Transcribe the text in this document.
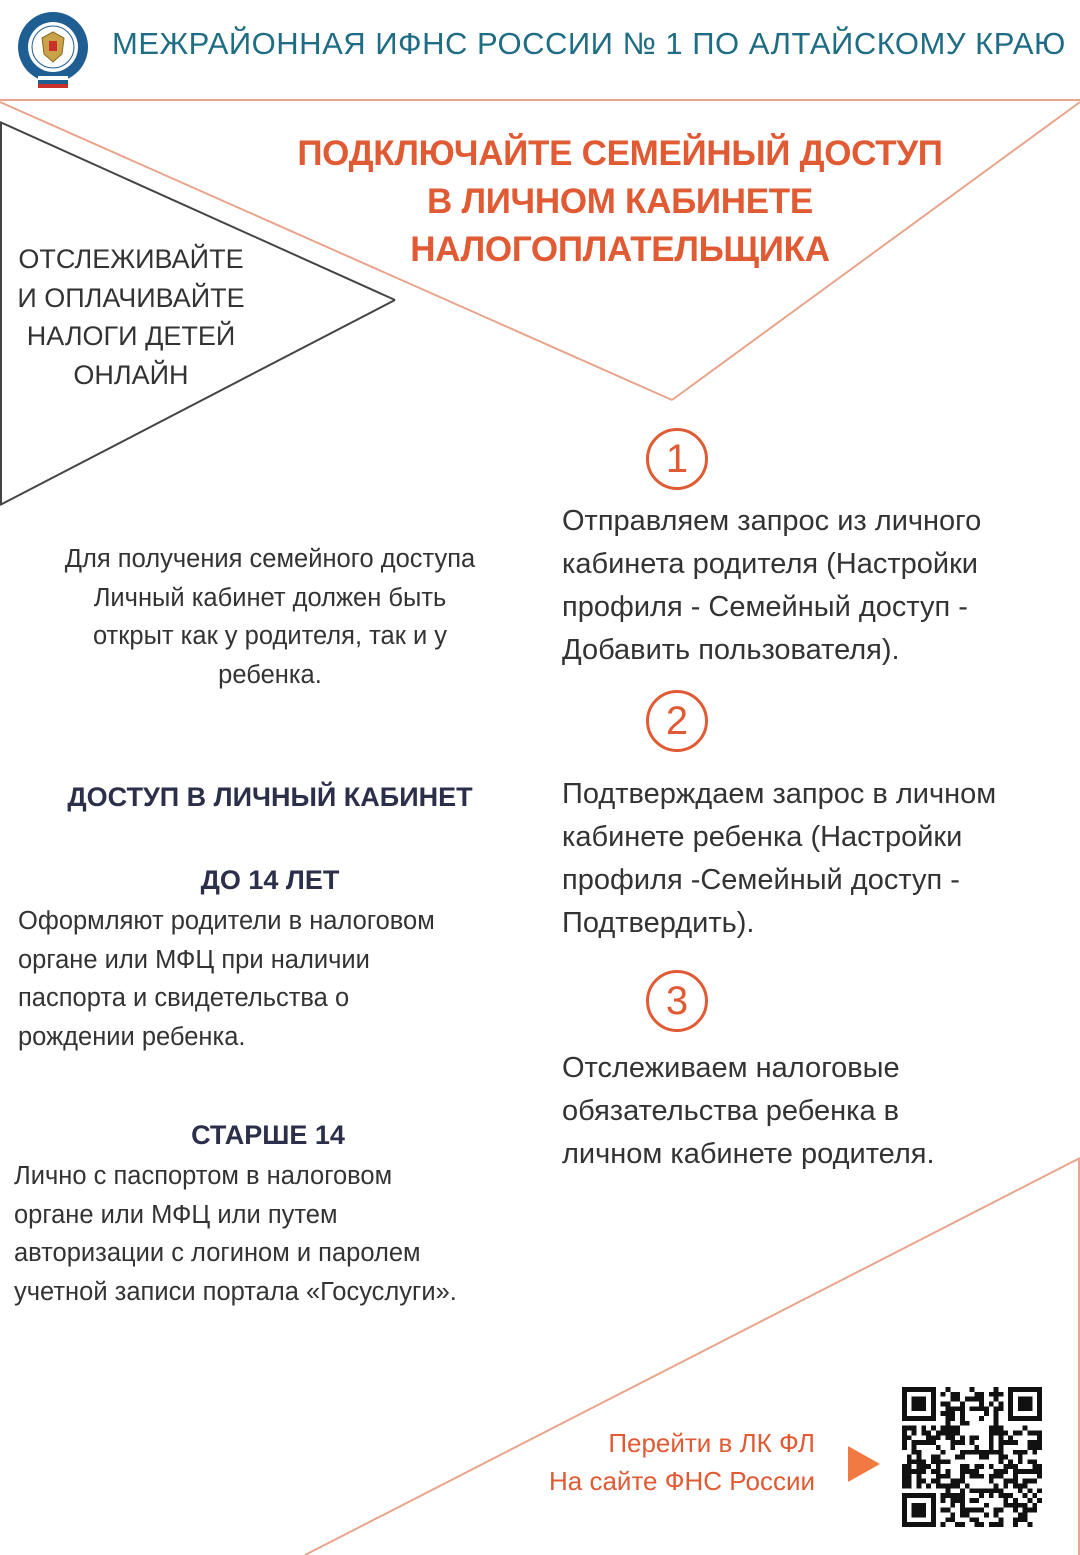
МЕЖРАЙОННАЯ ИФНС РОССИИ № 1 ПО АЛТАЙСКОМУ КРАЮ
ПОДКЛЮЧАЙТЕ СЕМЕЙНЫЙ ДОСТУП
В ЛИЧНОМ КАБИНЕТЕ
НАЛОГОПЛАТЕЛЬЩИКА
ОТСЛЕЖИВАЙТЕ
И ОПЛАЧИВАЙТЕ
НАЛОГИ ДЕТЕЙ
ОНЛАЙН
Для получения семейного доступа
Личный кабинет должен быть
открыт как у родителя, так и у
ребенка.
ДОСТУП В ЛИЧНЫЙ КАБИНЕТ
ДО 14 ЛЕТ
Оформляют родители в налоговом
органе или МФЦ при наличии
паспорта и свидетельства о
рождении ребенка.
СТАРШЕ 14
Лично с паспортом в налоговом
органе или МФЦ или путем
авторизации с логином и паролем
учетной записи портала «Госуслуги».
1
Отправляем запрос из личного
кабинета родителя (Настройки
профиля - Семейный доступ -
Добавить пользователя).
2
Подтверждаем запрос в личном
кабинете ребенка (Настройки
профиля -Семейный доступ -
Подтвердить).
3
Отслеживаем налоговые
обязательства ребенка в
личном кабинете родителя.
Перейти в ЛК ФЛ
На сайте ФНС России
